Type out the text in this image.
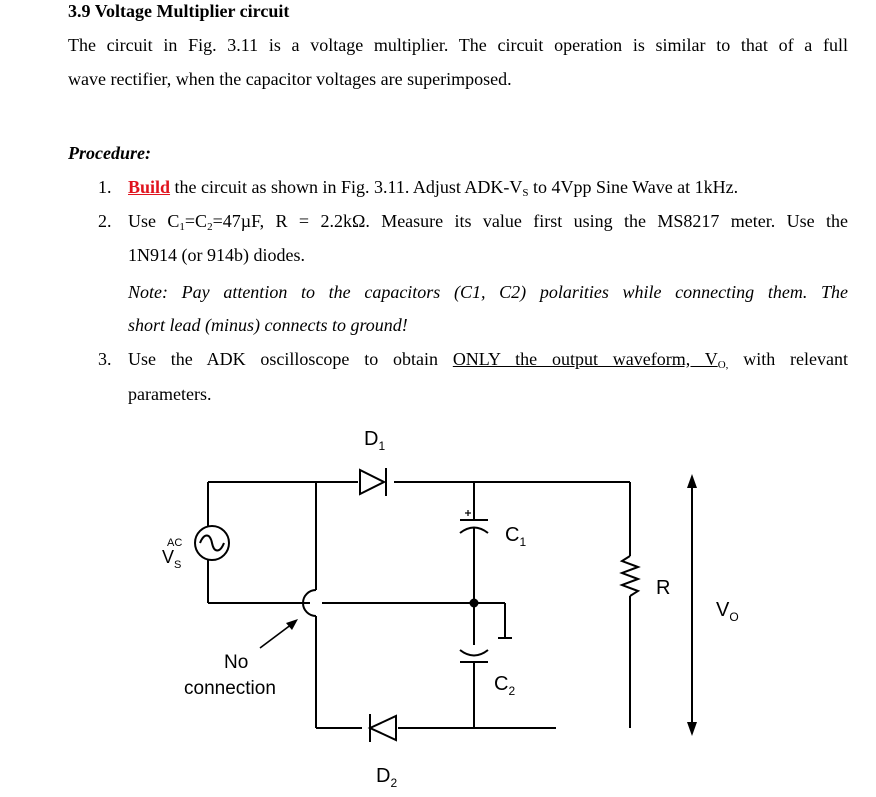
3.9 Voltage Multiplier circuit
The circuit in Fig. 3.11 is a voltage multiplier. The circuit operation is similar to that of a full
wave rectifier, when the capacitor voltages are superimposed.
Procedure:
1. Build the circuit as shown in Fig. 3.11. Adjust ADK-$V_S$ to 4Vpp Sine Wave at 1kHz.
2. Use $C_1=C_2=47\mu F$, R = 2.2kΩ. Measure its value first using the MS8217 meter. Use the
1N914 (or 914b) diodes.
Note: Pay attention to the capacitors (C1, C2) polarities while connecting them. The
short lead (minus) connects to ground!
3. Use the ADK oscilloscope to obtain ONLY the output waveform, $V_{O,}$ with relevant
parameters.
$D_1$
$C_1$
$C_2$
$D_2$
R
$V_O$
AC
$V_S$
No
connection
